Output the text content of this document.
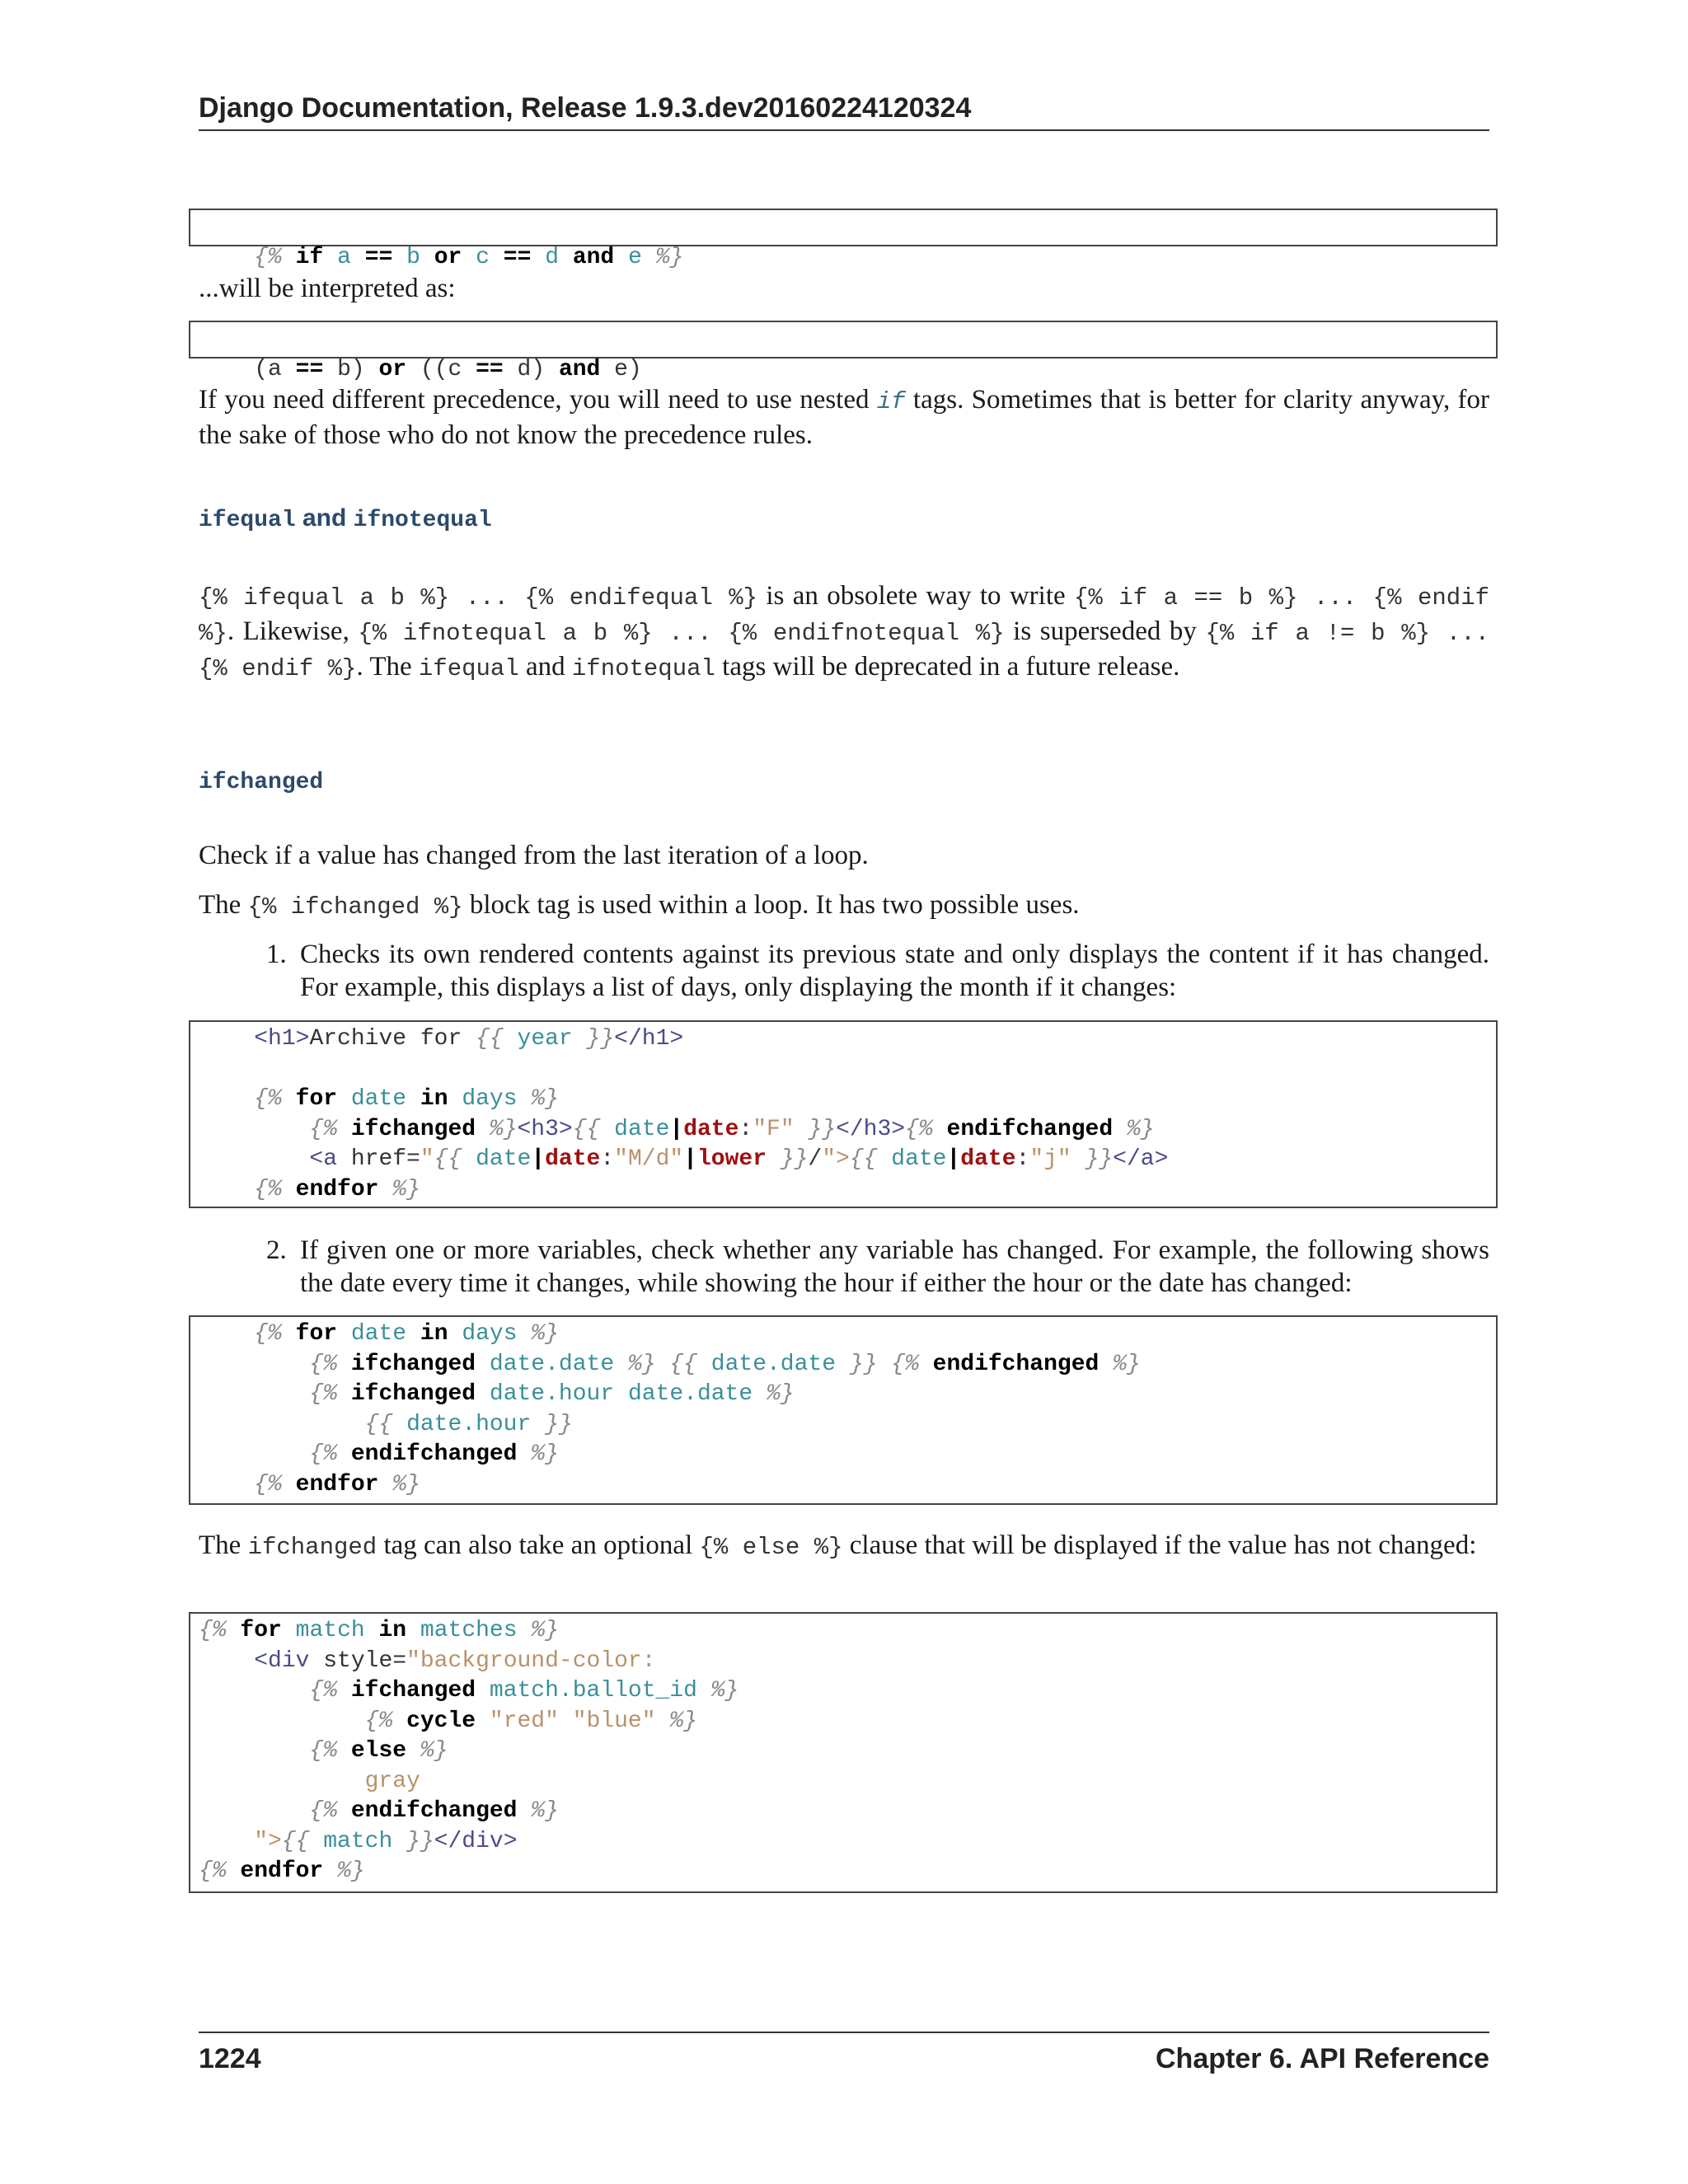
Django Documentation, Release 1.9.3.dev20160224120324

{% if a == b or c == d and e %}

...will be interpreted as:

(a == b) or ((c == d) and e)

If you need different precedence, you will need to use nested if tags. Sometimes that is better for clarity anyway, for the sake of those who do not know the precedence rules.
ifequal and ifnotequal
{% ifequal a b %} ... {% endifequal %} is an obsolete way to write {% if a == b %} ... {% endif %}. Likewise, {% ifnotequal a b %} ... {% endifnotequal %} is superseded by {% if a != b %} ... {% endif %}. The ifequal and ifnotequal tags will be deprecated in a future release.
ifchanged
Check if a value has changed from the last iteration of a loop.
The {% ifchanged %} block tag is used within a loop. It has two possible uses.
1. Checks its own rendered contents against its previous state and only displays the content if it has changed. For example, this displays a list of days, only displaying the month if it changes:
<h1>Archive for {{ year }}</h1>

{% for date in days %}
{% ifchanged %}<h3>{{ date|date:"F" }}</h3>{% endifchanged %}
<a href="{{ date|date:"M/d"|lower }}/">{{ date|date:"j" }}</a>
{% endfor %}
2. If given one or more variables, check whether any variable has changed. For example, the following shows the date every time it changes, while showing the hour if either the hour or the date has changed:
{% for date in days %}
{% ifchanged date.date %} {{ date.date }} {% endifchanged %}
{% ifchanged date.hour date.date %}
{{ date.hour }}
{% endifchanged %}
{% endfor %}
The ifchanged tag can also take an optional {% else %} clause that will be displayed if the value has not changed:
{% for match in matches %}
<div style="background-color:
{% ifchanged match.ballot_id %}
{% cycle "red" "blue" %}
{% else %}
gray
{% endifchanged %}
">{{ match }}</div>
{% endfor %}
1224	Chapter 6. API Reference
